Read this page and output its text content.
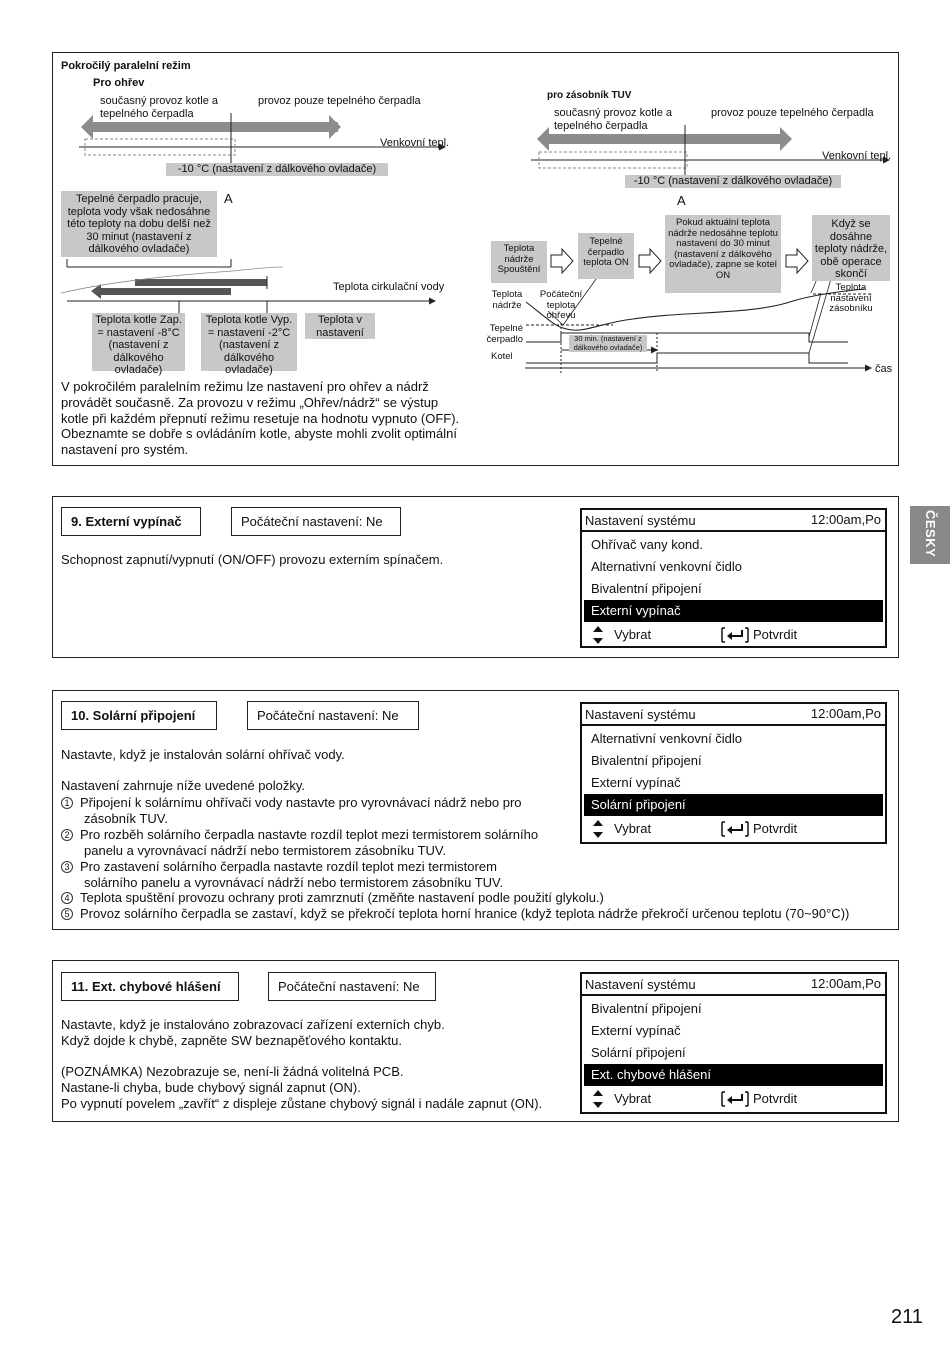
ČESKY
Pokročilý paralelní režim
Pro ohřev
současný provoz kotle a tepelného čerpadla
provoz pouze tepelného čerpadla
Venkovní tepl.
-10 °C (nastavení z dálkového ovladače)
A
Tepelné čerpadlo pracuje, teplota vody však nedosáhne této teploty na dobu delší než 30 minut (nastavení z dálkového ovladače)
Teplota cirkulační vody
Teplota kotle Zap. = nastavení -8°C (nastavení z dálkového ovladače)
Teplota kotle Vyp. = nastavení -2°C (nastavení z dálkového ovladače)
Teplota v nastavení
pro zásobník TUV
současný provoz kotle a tepelného čerpadla
provoz pouze tepelného čerpadla
Venkovní tepl.
-10 °C (nastavení z dálkového ovladače)
A
Teplota nádrže Spouštění
Tepelné čerpadlo teplota ON
Pokud aktuální teplota nádrže nedosáhne teplotu nastavení do 30 minut (nastavení z dálkového ovladače), zapne se kotel ON
Když se dosáhne teploty nádrže, obě operace skončí
Teplota nádrže
Počáteční teplota ohřevu
Tepelné čerpadlo
Kotel
30 min. (nastavení z dálkového ovladače)
Teplota nastavení zásobníku
čas
V pokročilém paralelním režimu lze nastavení pro ohřev a nádrž provádět současně. Za provozu v režimu „Ohřev/nádrž“ se výstup kotle při každém přepnutí režimu resetuje na hodnotu vypnuto (OFF). Obeznamte se dobře s ovládáním kotle, abyste mohli zvolit optimální nastavení pro systém.
9. Externí vypínač	Počáteční nastavení: Ne
Schopnost zapnutí/vypnutí (ON/OFF) provozu externím spínačem.
Nastavení systému	12:00am,Po
Ohřívač vany kond.
Alternativní venkovní čidlo
Bivalentní připojení
Externí vypínač
Vybrat	Potvrdit
10. Solární připojení	Počáteční nastavení: Ne
Nastavte, když je instalován solární ohřívač vody.
Nastavení zahrnuje níže uvedené položky.
Nastavení systému	12:00am,Po
Alternativní venkovní čidlo
Bivalentní připojení
Externí vypínač
Solární připojení
Vybrat	Potvrdit
1 Připojení k solárnímu ohřívači vody nastavte pro vyrovnávací nádrž nebo pro
zásobník TUV.
2 Pro rozběh solárního čerpadla nastavte rozdíl teplot mezi termistorem solárního
panelu a vyrovnávací nádrží nebo termistorem zásobníku TUV.
3 Pro zastavení solárního čerpadla nastavte rozdíl teplot mezi termistorem
solárního panelu a vyrovnávací nádrží nebo termistorem zásobníku TUV.
4 Teplota spuštění provozu ochrany proti zamrznutí (změňte nastavení podle použití glykolu.)
5 Provoz solárního čerpadla se zastaví, když se překročí teplota horní hranice (když teplota nádrže překročí určenou teplotu (70~90°C))
11. Ext. chybové hlášení	Počáteční nastavení: Ne
Nastavte, když je instalováno zobrazovací zařízení externích chyb.
Když dojde k chybě, zapněte SW beznapěťového kontaktu.
(POZNÁMKA) Nezobrazuje se, není-li žádná volitelná PCB.
Nastane-li chyba, bude chybový signál zapnut (ON).
Po vypnutí povelem „zavřít“ z displeje zůstane chybový signál i nadále zapnut (ON).
Nastavení systému	12:00am,Po
Bivalentní připojení
Externí vypínač
Solární připojení
Ext. chybové hlášení
Vybrat	Potvrdit
211
